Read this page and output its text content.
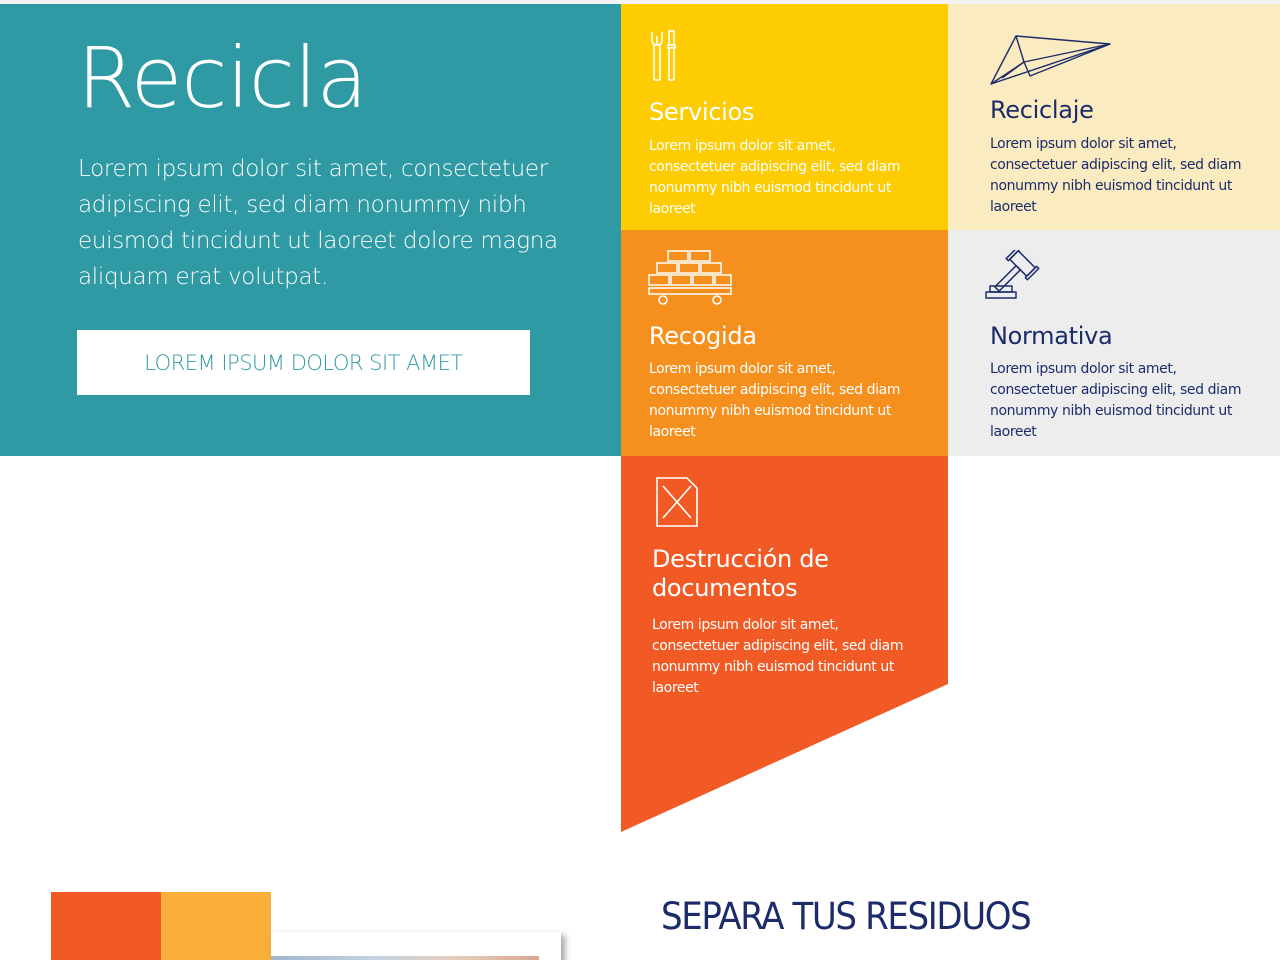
Recicla

Lorem ipsum dolor sit amet, consectetuer adipiscing elit, sed diam nonummy nibh euismod tincidunt ut laoreet dolore magna aliquam erat volutpat.

LOREM IPSUM DOLOR SIT AMET
Servicios

Lorem ipsum dolor sit amet, consectetuer adipiscing elit, sed diam nonummy nibh euismod tincidunt ut laoreet

Reciclaje

Lorem ipsum dolor sit amet, consectetuer adipiscing elit, sed diam nonummy nibh euismod tincidunt ut laoreet

Recogida

Lorem ipsum dolor sit amet, consectetuer adipiscing elit, sed diam nonummy nibh euismod tincidunt ut laoreet

Normativa

Lorem ipsum dolor sit amet, consectetuer adipiscing elit, sed diam nonummy nibh euismod tincidunt ut laoreet

Destrucción de documentos

Lorem ipsum dolor sit amet, consectetuer adipiscing elit, sed diam nonummy nibh euismod tincidunt ut laoreet

SEPARA TUS RESIDUOS
